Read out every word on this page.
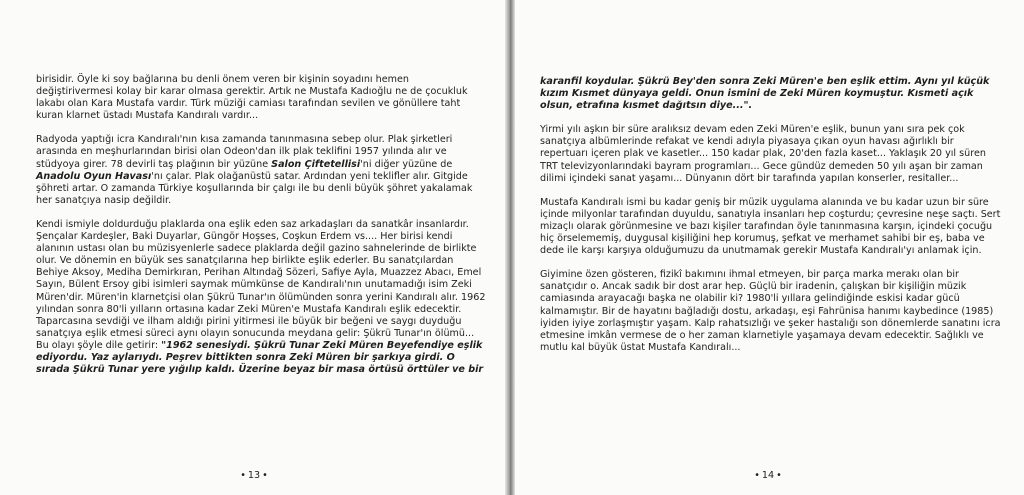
birisidir. Öyle ki soy bağlarına bu denli önem veren bir kişinin soyadını hemen değiştirivermesi kolay bir karar olmasa gerektir. Artık ne Mustafa Kadıoğlu ne de çocukluk lakabı olan Kara Mustafa vardır. Türk müziği camiası tarafından sevilen ve gönüllere taht kuran klarnet üstadı Mustafa Kandıralı vardır...

Radyoda yaptığı icra Kandıralı'nın kısa zamanda tanınmasına sebep olur. Plak şirketleri arasında en meşhurlarından birisi olan Odeon'dan ilk plak teklifini 1957 yılında alır ve stüdyoya girer. 78 devirli taş plağının bir yüzüne Salon Çiftetellisi'ni diğer yüzüne de Anadolu Oyun Havası'nı çalar. Plak olağanüstü satar. Ardından yeni teklifler alır. Gitgide şöhreti artar. O zamanda Türkiye koşullarında bir çalgı ile bu denli büyük şöhret yakalamak her sanatçıya nasip değildir.

Kendi ismiyle doldurduğu plaklarda ona eşlik eden saz arkadaşları da sanatkâr insanlardır. Şençalar Kardeşler, Baki Duyarlar, Güngör Hoşses, Coşkun Erdem vs.... Her birisi kendi alanının ustası olan bu müzisyenlerle sadece plaklarda değil gazino sahnelerinde de birlikte olur. Ve dönemin en büyük ses sanatçılarına hep birlikte eşlik ederler. Bu sanatçılardan Behiye Aksoy, Mediha Demirkıran, Perihan Altındağ Sözeri, Safiye Ayla, Muazzez Abacı, Emel Sayın, Bülent Ersoy gibi isimleri saymak mümkünse de Kandıralı'nın unutamadığı isim Zeki Müren'dir. Müren'in klarnetçisi olan Şükrü Tunar'ın ölümünden sonra yerini Kandıralı alır. 1962 yılından sonra 80'li yılların ortasına kadar Zeki Müren'e Mustafa Kandıralı eşlik edecektir. Taparcasına sevdiği ve ilham aldığı pirini yitirmesi ile büyük bir beğeni ve saygı duyduğu sanatçıya eşlik etmesi süreci aynı olayın sonucunda meydana gelir: Şükrü Tunar'ın ölümü... Bu olayı şöyle dile getirir: "1962 senesiydi. Şükrü Tunar Zeki Müren Beyefendiye eşlik ediyordu. Yaz aylarıydı. Peşrev bittikten sonra Zeki Müren bir şarkıya girdi. O sırada Şükrü Tunar yere yığılıp kaldı. Üzerine beyaz bir masa örtüsü örttüler ve bir

• 13 •

karanfil koydular. Şükrü Bey'den sonra Zeki Müren'e ben eşlik ettim. Aynı yıl küçük kızım Kısmet dünyaya geldi. Onun ismini de Zeki Müren koymuştur. Kısmeti açık olsun, etrafına kısmet dağıtsın diye...".

Yirmi yılı aşkın bir süre aralıksız devam eden Zeki Müren'e eşlik, bunun yanı sıra pek çok sanatçıya albümlerinde refakat ve kendi adıyla piyasaya çıkan oyun havası ağırlıklı bir repertuarı içeren plak ve kasetler... 150 kadar plak, 20'den fazla kaset... Yaklaşık 20 yıl süren TRT televizyonlarındaki bayram programları... Gece gündüz demeden 50 yılı aşan bir zaman dilimi içindeki sanat yaşamı... Dünyanın dört bir tarafında yapılan konserler, resitaller...

Mustafa Kandıralı ismi bu kadar geniş bir müzik uygulama alanında ve bu kadar uzun bir süre içinde milyonlar tarafından duyuldu, sanatıyla insanları hep coşturdu; çevresine neşe saçtı. Sert mizaçlı olarak görünmesine ve bazı kişiler tarafından öyle tanınmasına karşın, içindeki çocuğu hiç örselememiş, duygusal kişiliğini hep korumuş, şefkat ve merhamet sahibi bir eş, baba ve dede ile karşı karşıya olduğumuzu da unutmamak gerekir Mustafa Kandıralı'yı anlamak için.

Giyimine özen gösteren, fizikî bakımını ihmal etmeyen, bir parça marka merakı olan bir sanatçıdır o. Ancak sadık bir dost arar hep. Güçlü bir iradenin, çalışkan bir kişiliğin müzik camiasında arayacağı başka ne olabilir ki? 1980'li yıllara gelindiğinde eskisi kadar gücü kalmamıştır. Bir de hayatını bağladığı dostu, arkadaşı, eşi Fahrünisa hanımı kaybedince (1985) iyiden iyiye zorlaşmıştır yaşam. Kalp rahatsızlığı ve şeker hastalığı son dönemlerde sanatını icra etmesine imkân vermese de o her zaman klarnetiyle yaşamaya devam edecektir. Sağlıklı ve mutlu kal büyük üstat Mustafa Kandıralı...

• 14 •
